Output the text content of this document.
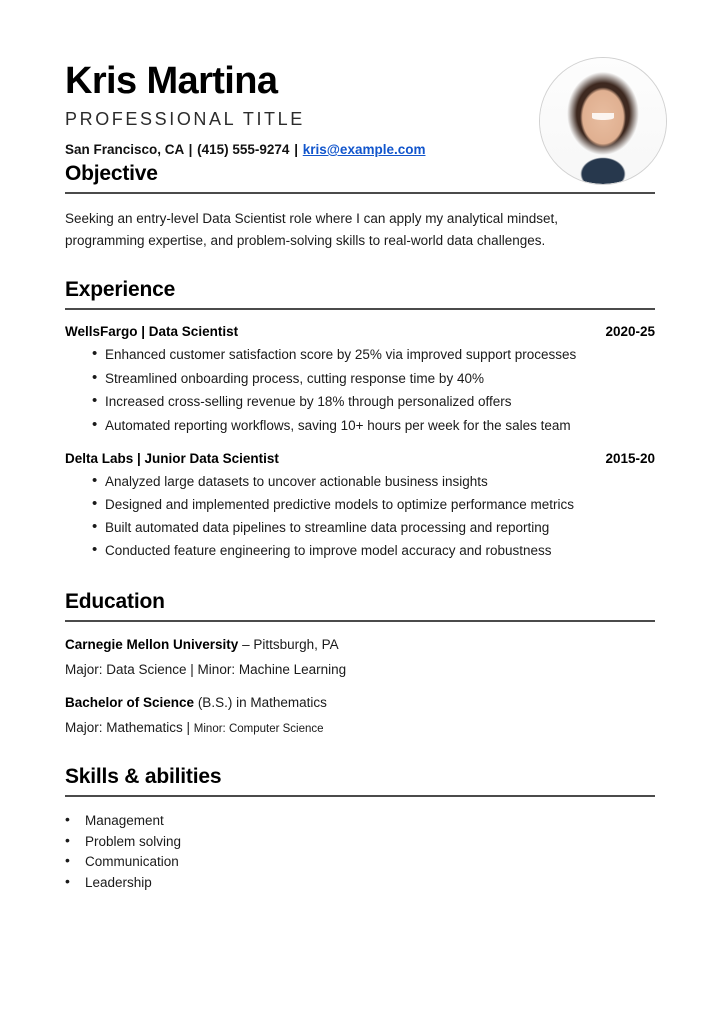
Kris Martina
PROFESSIONAL TITLE
San Francisco, CA | (415) 555-9274 | kris@example.com
Objective
Seeking an entry-level Data Scientist role where I can apply my analytical mindset, programming expertise, and problem-solving skills to real-world data challenges.
Experience
WellsFargo | Data Scientist	2020-25
• Enhanced customer satisfaction score by 25% via improved support processes
• Streamlined onboarding process, cutting response time by 40%
• Increased cross-selling revenue by 18% through personalized offers
• Automated reporting workflows, saving 10+ hours per week for the sales team
Delta Labs | Junior Data Scientist	2015-20
• Analyzed large datasets to uncover actionable business insights
• Designed and implemented predictive models to optimize performance metrics
• Built automated data pipelines to streamline data processing and reporting
• Conducted feature engineering to improve model accuracy and robustness
Education
Carnegie Mellon University – Pittsburgh, PA
Major: Data Science | Minor: Machine Learning
Bachelor of Science (B.S.) in Mathematics
Major: Mathematics | Minor: Computer Science
Skills & abilities
• Management
• Problem solving
• Communication
• Leadership
